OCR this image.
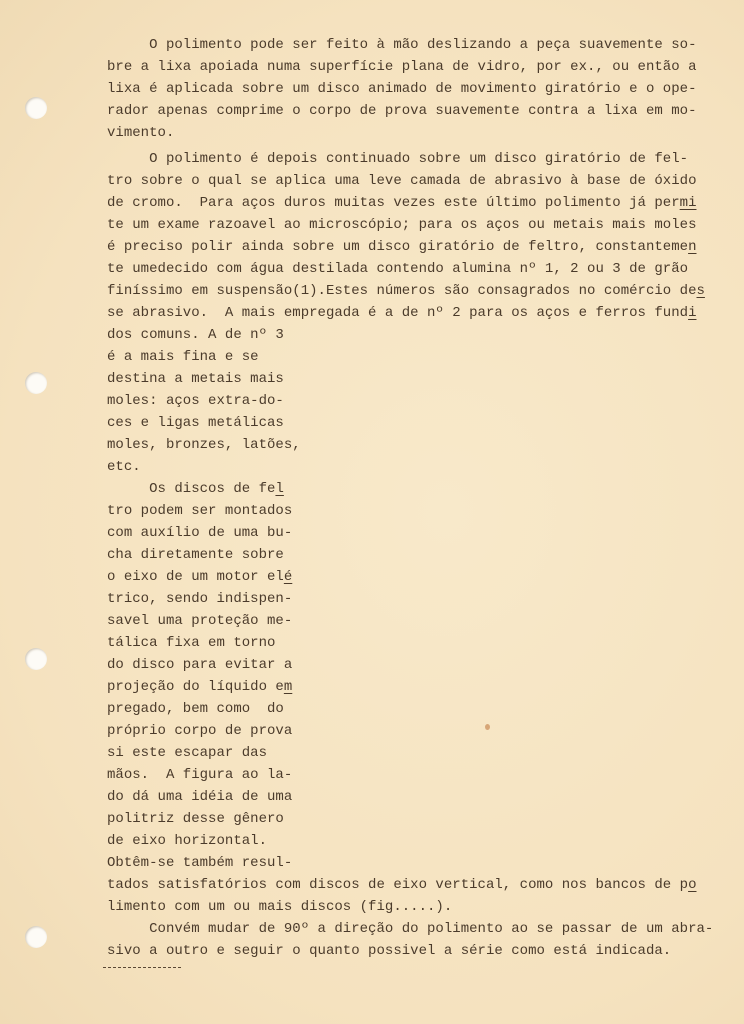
O polimento pode ser feito à mão deslizando a peça suavemente so-
bre a lixa apoiada numa superfície plana de vidro, por ex., ou então a
lixa é aplicada sobre um disco animado de movimento giratório e o ope-
rador apenas comprime o corpo de prova suavemente contra a lixa em mo-
vimento.
O polimento é depois continuado sobre um disco giratório de fel-
tro sobre o qual se aplica uma leve camada de abrasivo à base de óxido
de cromo.  Para aços duros muitas vezes este último polimento já permi
te um exame razoavel ao microscópio; para os aços ou metais mais moles
é preciso polir ainda sobre um disco giratório de feltro, constantemen
te umedecido com água destilada contendo alumina nº 1, 2 ou 3 de grão
finíssimo em suspensão(1).Estes números são consagrados no comércio des
se abrasivo.  A mais empregada é a de nº 2 para os aços e ferros fundi
dos comuns. A de nº 3
é a mais fina e se
destina a metais mais
moles: aços extra-do-
ces e ligas metálicas
moles, bronzes, latões,
etc.
Os discos de fel
tro podem ser montados
com auxílio de uma bu-
cha diretamente sobre
o eixo de um motor elé
trico, sendo indispen-
savel uma proteção me-
tálica fixa em torno
do disco para evitar a
projeção do líquido em
pregado, bem como  do
próprio corpo de prova
si este escapar das
mãos.  A figura ao la-
do dá uma idéia de uma
politriz desse gênero
de eixo horizontal.
Obtêm-se também resul-
tados satisfatórios com discos de eixo vertical, como nos bancos de po
limento com um ou mais discos (fig.....).
Convém mudar de 90º a direção do polimento ao se passar de um abra-
sivo a outro e seguir o quanto possivel a série como está indicada.
